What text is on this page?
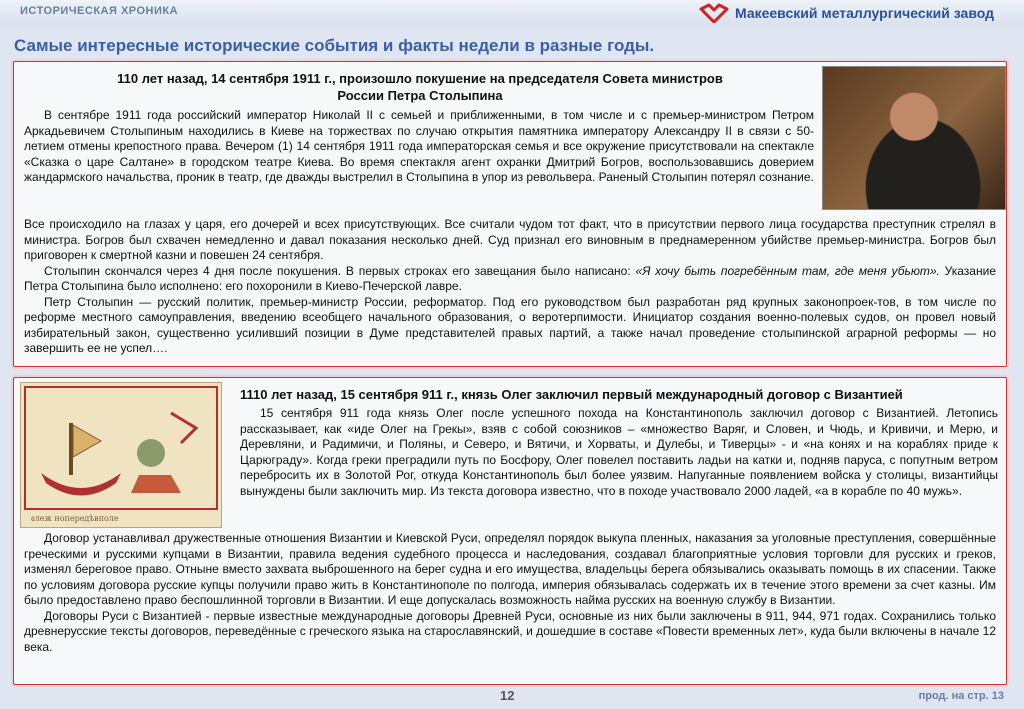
ИСТОРИЧЕСКАЯ ХРОНИКА	Макеевский металлургический завод
Самые интересные исторические события и факты недели в разные годы.
110 лет назад, 14 сентября 1911 г., произошло покушение на председателя Совета министров
России Петра Столыпина

В сентябре 1911 года российский император Николай II с семьей и приближенными, в том числе и с премьер-министром Петром Аркадьевичем Столыпиным находились в Киеве на торжествах по случаю открытия памятника императору Александру II в связи с 50-летием отмены крепостного права. Вечером (1) 14 сентября 1911 года императорская семья и все окружение присутствовали на спектакле «Сказка о царе Салтане» в городском театре Киева. Во время спектакля агент охранки Дмитрий Богров, воспользовавшись доверием жандармского начальства, проник в театр, где дважды выстрелил в Столыпина в упор из револьвера. Раненый Столыпин потерял сознание.

Все происходило на глазах у царя, его дочерей и всех присутствующих. Все считали чудом тот факт, что в присутствии первого лица государства преступник стрелял в министра. Богров был схвачен немедленно и давал показания несколько дней. Суд признал его виновным в преднамеренном убийстве премьер-министра. Богров был приговорен к смертной казни и повешен 24 сентября.

Столыпин скончался через 4 дня после покушения. В первых строках его завещания было написано: «Я хочу быть погребённым там, где меня убьют». Указание Петра Столыпина было исполнено: его похоронили в Киево-Печерской лавре.

Петр Столыпин — русский политик, премьер-министр России, реформатор. Под его руководством был разработан ряд крупных законопроек-тов, в том числе по реформе местного самоуправления, введению всеобщего начального образования, о веротерпимости. Инициатор создания военно-полевых судов, он провел новый избирательный закон, существенно усиливший позиции в Думе представителей правых партий, а также начал проведение столыпинской аграрной реформы — но завершить ее не успел….

ᲂлеж нопередѣвполе
1110 лет назад, 15 сентября 911 г., князь Олег заключил первый международный договор с Византией

15 сентября 911 года князь Олег после успешного похода на Константинополь заключил договор с Византией. Летопись рассказывает, как «иде Олег на Грекы», взяв с собой союзников – «множество Варяг, и Словен, и Чюдь, и Кривичи, и Мерю, и Деревляни, и Радимичи, и Поляны, и Северо, и Вятичи, и Хорваты, и Дулебы, и Тиверцы» - и «на конях и на кораблях приде к Царюграду». Когда греки преградили путь по Босфору, Олег повелел поставить ладьи на катки и, подняв паруса, с попутным ветром перебросить их в Золотой Рог, откуда Константинополь был более уязвим. Напуганные появлением войска у столицы, византийцы вынуждены были заключить мир. Из текста договора известно, что в походе участвовало 2000 ладей, «а в корабле по 40 мужь».

Договор устанавливал дружественные отношения Византии и Киевской Руси, определял порядок выкупа пленных, наказания за уголовные преступления, совершённые греческими и русскими купцами в Византии, правила ведения судебного процесса и наследования, создавал благоприятные условия торговли для русских и греков, изменял береговое право. Отныне вместо захвата выброшенного на берег судна и его имущества, владельцы берега обязывались оказывать помощь в их спасении. Также по условиям договора русские купцы получили право жить в Константинополе по полгода, империя обязывалась содержать их в течение этого времени за счет казны. Им было предоставлено право беспошлинной торговли в Византии. И еще допускалась возможность найма русских на военную службу в Византии.

Договоры Руси с Византией - первые известные международные договоры Древней Руси, основные из них были заключены в 911, 944, 971 годах. Сохранились только древнерусские тексты договоров, переведённые с греческого языка на старославянский, и дошедшие в составе «Повести временных лет», куда были включены в начале 12 века.

12	прод. на стр. 13
